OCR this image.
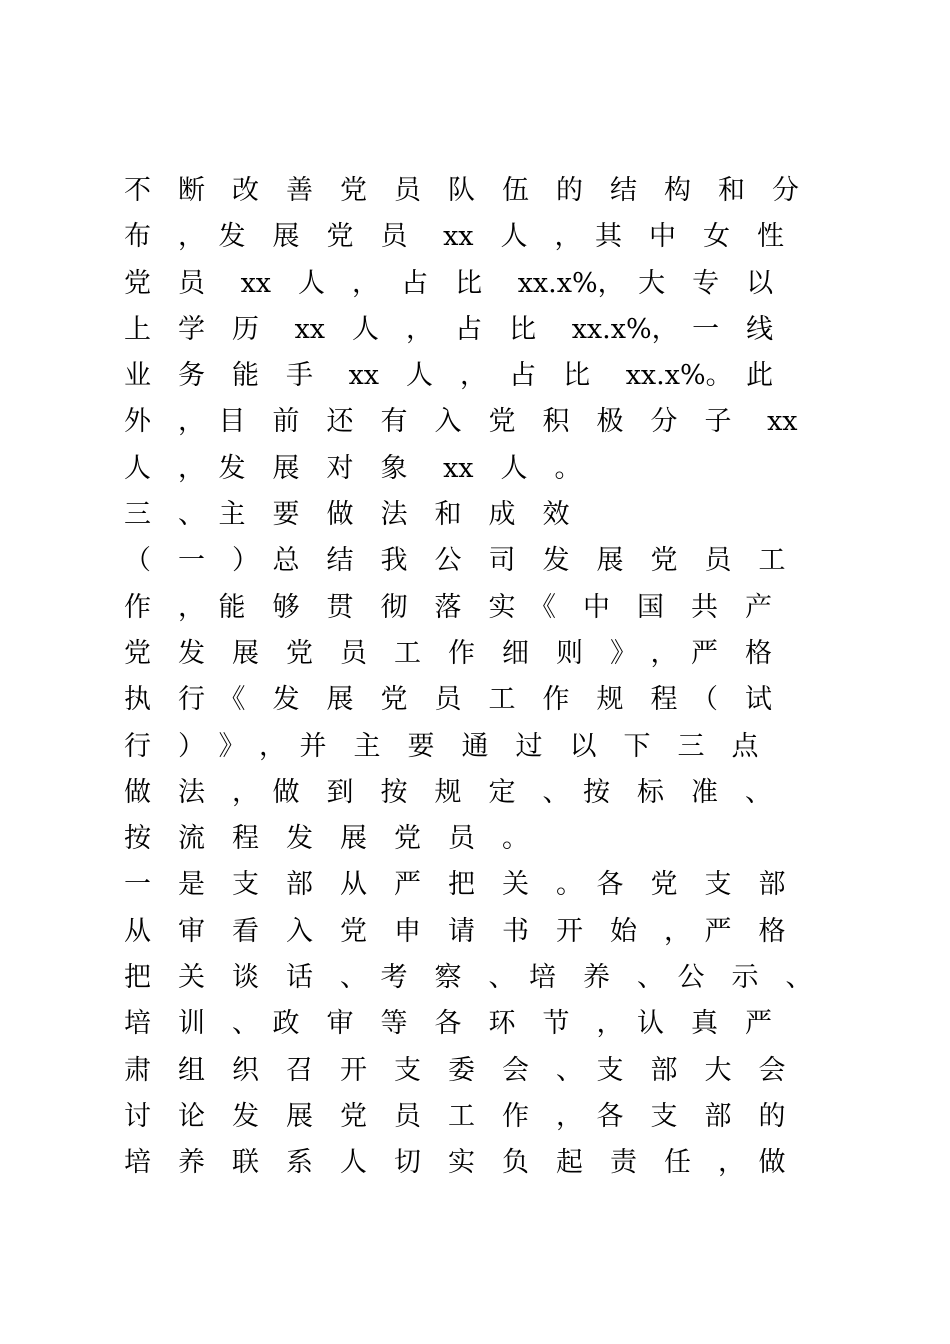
不　断　改　善　党　员　队　伍　的　结　构　和　分
布　，　发　展　党　员　 xx　人　，　其　中　女　性
党　员　 xx　人　，　 占　比　 xx.x%，　大　专　以
上　学　历　 xx　人　，　 占　比　 xx.x%，　一　线
业　务　能　手　 xx　人　，　 占　比　 xx.x%。　此
外　，　目　前　还　有　入　党　积　极　分　子　 xx
人　，　发　展　对　象　 xx　人　。
三　、　主　要　做　法　和　成　效
（　一　）　总　结　我　公　司　发　展　党　员　工
作　，　能　够　贯　彻　落　实　《　中　国　共　产
党　发　展　党　员　工　作　细　则　》　，　严　格
执　行　《　发　展　党　员　工　作　规　程　（　试
行　）　》　，　并　主　要　通　过　以　下　三　点
做　法　，　做　到　按　规　定　、　按　标　准　、
按　流　程　发　展　党　员　。
一　是　支　部　从　严　把　关　。　各　党　支　部
从　审　看　入　党　申　请　书　开　始　，　严　格
把　关　谈　话　、　考　察　、　培　养　、　公　示　、
培　训　、　政　审　等　各　环　节　，　认　真　严
肃　组　织　召　开　支　委　会　、　支　部　大　会
讨　论　发　展　党　员　工　作　，　各　支　部　的
培　养　联　系　人　切　实　负　起　责　任　，　做
